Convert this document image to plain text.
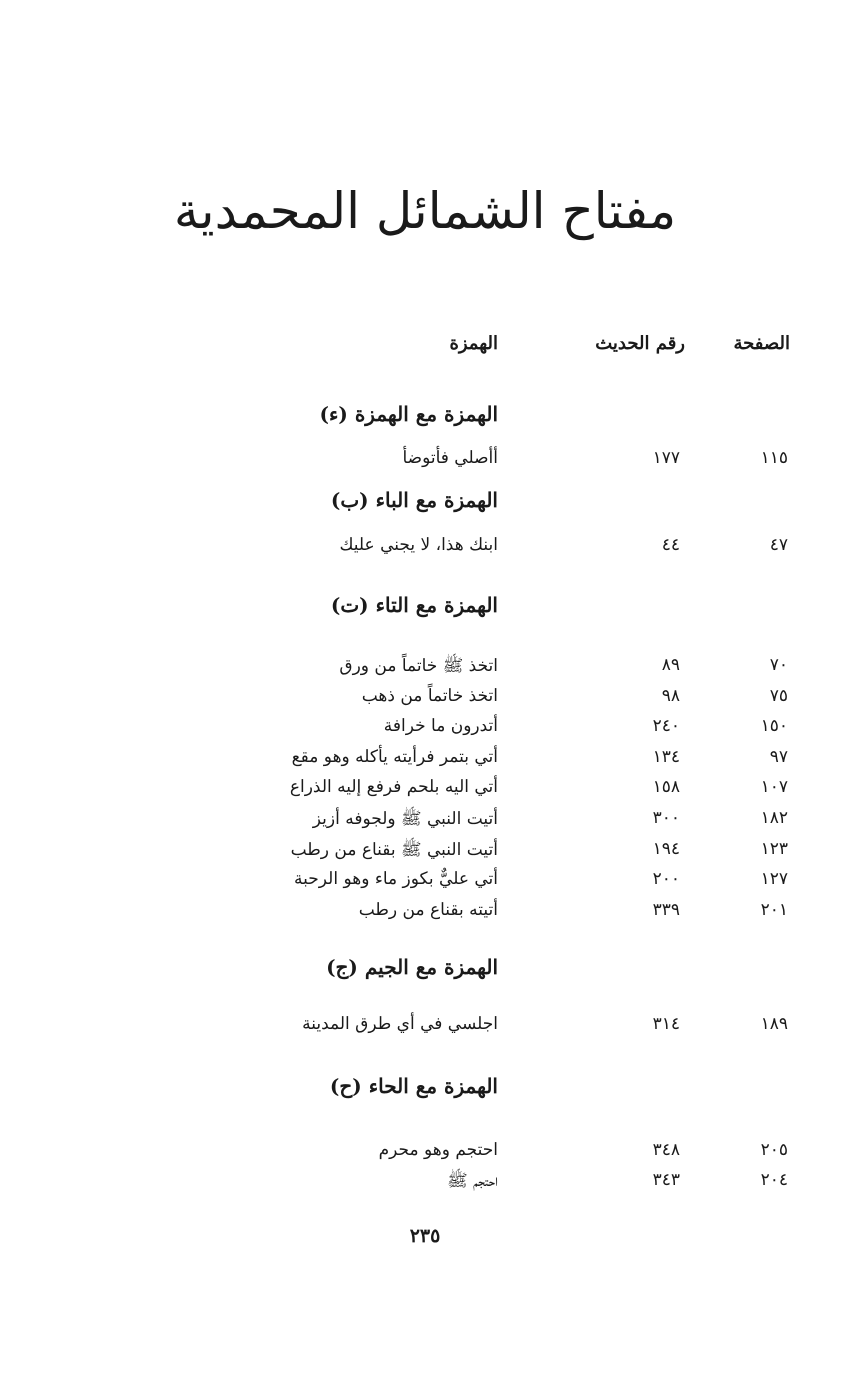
مفتاح الشمائل المحمدية
الصفحة
رقم الحديث
الهمزة
الهمزة مع الهمزة (ء)
١١٥
١٧٧
أأصلي فأتوضأ
الهمزة مع الباء (ب)
٤٧
٤٤
ابنك هذا، لا يجني عليك
الهمزة مع التاء (ت)
٧٠
٨٩
اتخذ ﷺ خاتماً من ورق
٧٥
٩٨
اتخذ خاتماً من ذهب
١٥٠
٢٤٠
أتدرون ما خرافة
٩٧
١٣٤
أتي بتمر فرأيته يأكله وهو مقع
١٠٧
١٥٨
أتي اليه بلحم فرفع إليه الذراع
١٨٢
٣٠٠
أتيت النبي ﷺ ولجوفه أزيز
١٢٣
١٩٤
أتيت النبي ﷺ بقناع من رطب
١٢٧
٢٠٠
أتي عليٌّ بكوز ماء وهو الرحبة
٢٠١
٣٣٩
أتيته بقناع من رطب
الهمزة مع الجيم (ج)
١٨٩
٣١٤
اجلسي في أي طرق المدينة
الهمزة مع الحاء (ح)
٢٠٥
٣٤٨
احتجم وهو محرم
٢٠٤
٣٤٣
احتجم ﷺ
٢٣٥
